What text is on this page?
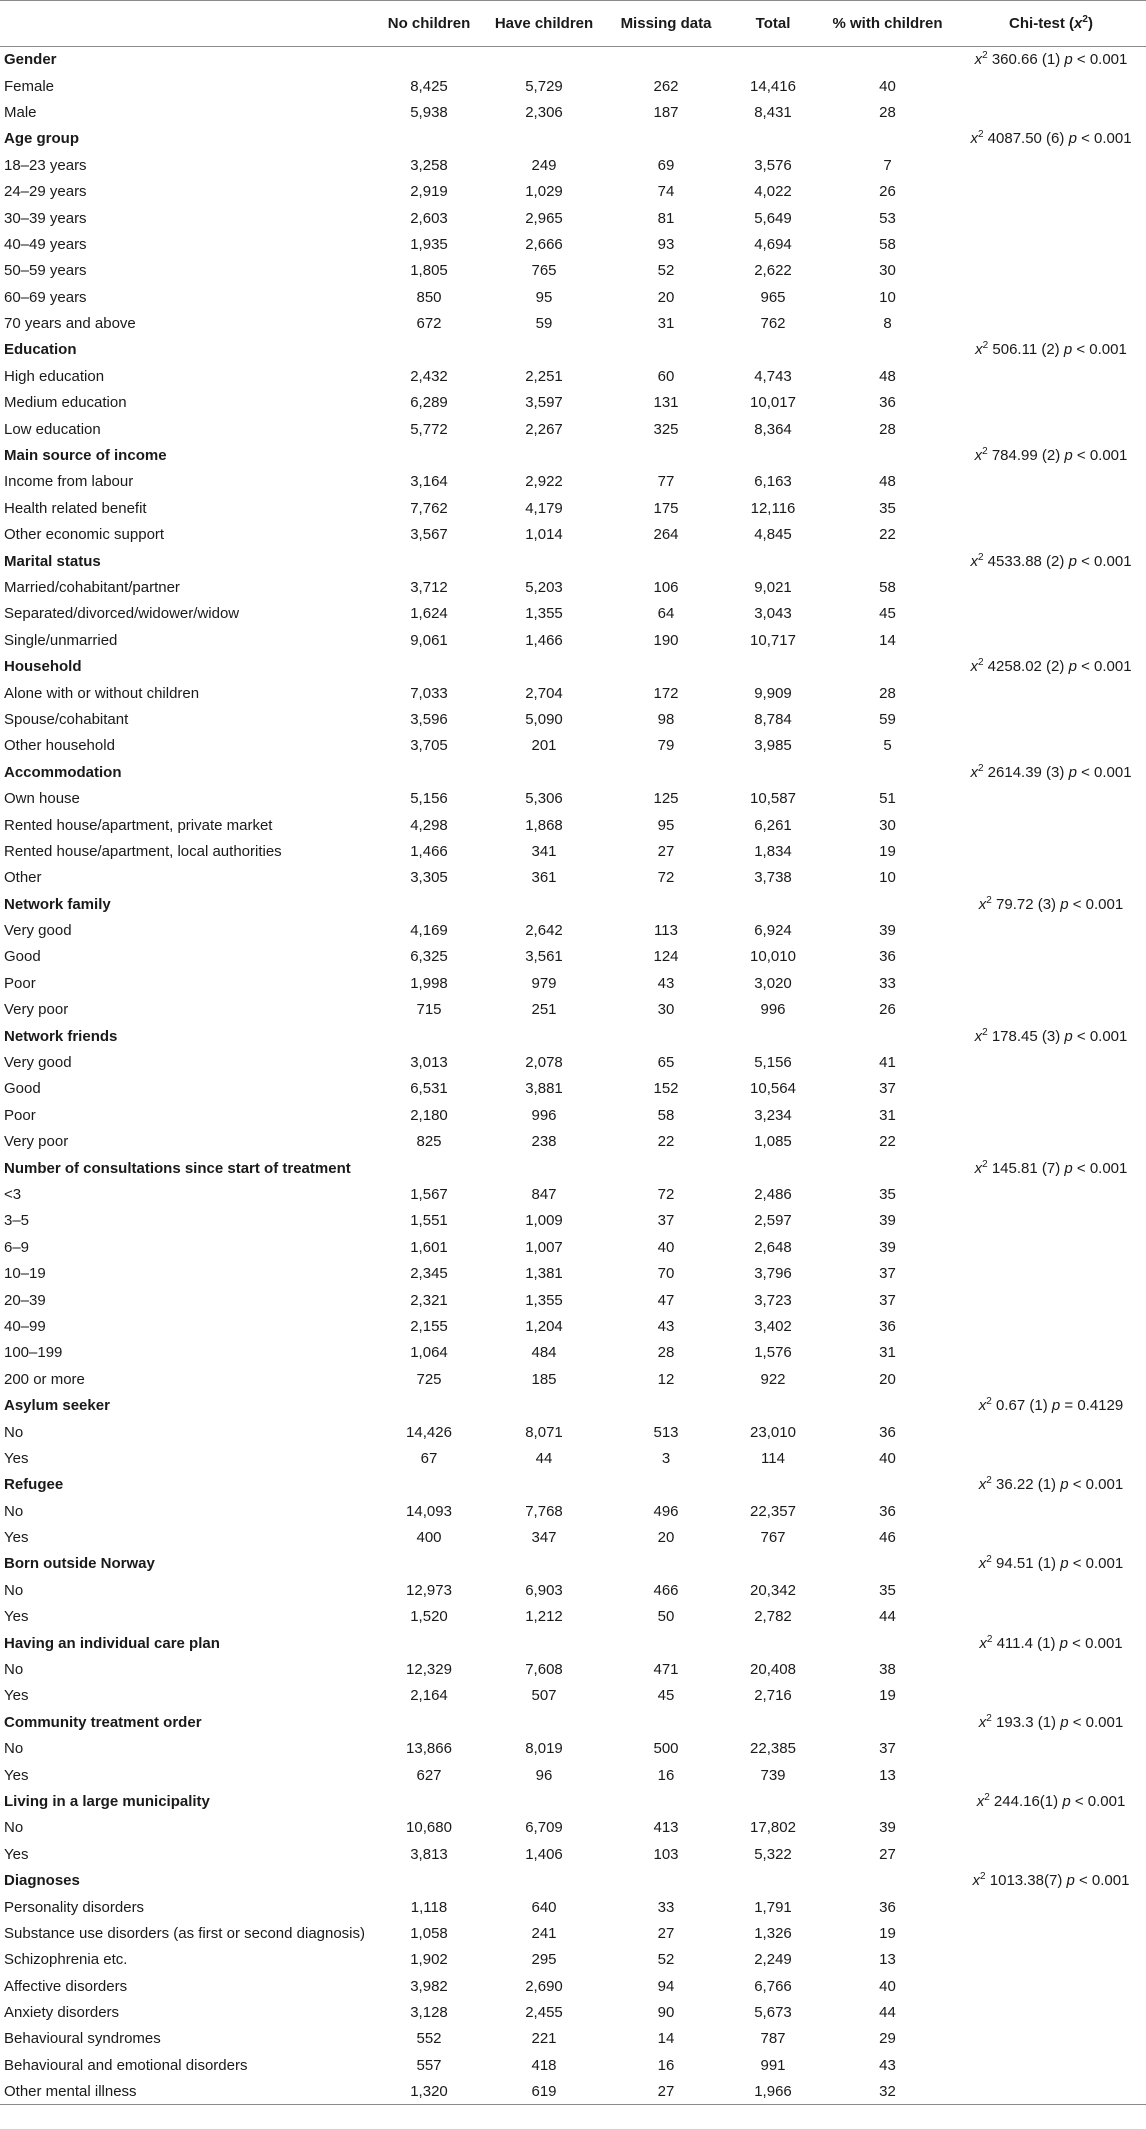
	No children	Have children	Missing data	Total	% with children	Chi-test $(x^2)$
Gender						$x^2$ 360.66 (1) p < 0.001
Female	8,425	5,729	262	14,416	40	
Male	5,938	2,306	187	8,431	28	
Age group						$x^2$ 4087.50 (6) p < 0.001
18–23 years	3,258	249	69	3,576	7	
24–29 years	2,919	1,029	74	4,022	26	
30–39 years	2,603	2,965	81	5,649	53	
40–49 years	1,935	2,666	93	4,694	58	
50–59 years	1,805	765	52	2,622	30	
60–69 years	850	95	20	965	10	
70 years and above	672	59	31	762	8	
Education						$x^2$ 506.11 (2) p < 0.001
High education	2,432	2,251	60	4,743	48	
Medium education	6,289	3,597	131	10,017	36	
Low education	5,772	2,267	325	8,364	28	
Main source of income						$x^2$ 784.99 (2) p < 0.001
Income from labour	3,164	2,922	77	6,163	48	
Health related benefit	7,762	4,179	175	12,116	35	
Other economic support	3,567	1,014	264	4,845	22	
Marital status						$x^2$ 4533.88 (2) p < 0.001
Married/cohabitant/partner	3,712	5,203	106	9,021	58	
Separated/divorced/widower/widow	1,624	1,355	64	3,043	45	
Single/unmarried	9,061	1,466	190	10,717	14	
Household						$x^2$ 4258.02 (2) p < 0.001
Alone with or without children	7,033	2,704	172	9,909	28	
Spouse/cohabitant	3,596	5,090	98	8,784	59	
Other household	3,705	201	79	3,985	5	
Accommodation						$x^2$ 2614.39 (3) p < 0.001
Own house	5,156	5,306	125	10,587	51	
Rented house/apartment, private market	4,298	1,868	95	6,261	30	
Rented house/apartment, local authorities	1,466	341	27	1,834	19	
Other	3,305	361	72	3,738	10	
Network family						$x^2$ 79.72 (3) p < 0.001
Very good	4,169	2,642	113	6,924	39	
Good	6,325	3,561	124	10,010	36	
Poor	1,998	979	43	3,020	33	
Very poor	715	251	30	996	26	
Network friends						$x^2$ 178.45 (3) p < 0.001
Very good	3,013	2,078	65	5,156	41	
Good	6,531	3,881	152	10,564	37	
Poor	2,180	996	58	3,234	31	
Very poor	825	238	22	1,085	22	
Number of consultations since start of treatment						$x^2$ 145.81 (7) p < 0.001
<3	1,567	847	72	2,486	35	
3–5	1,551	1,009	37	2,597	39	
6–9	1,601	1,007	40	2,648	39	
10–19	2,345	1,381	70	3,796	37	
20–39	2,321	1,355	47	3,723	37	
40–99	2,155	1,204	43	3,402	36	
100–199	1,064	484	28	1,576	31	
200 or more	725	185	12	922	20	
Asylum seeker						$x^2$ 0.67 (1) p = 0.4129
No	14,426	8,071	513	23,010	36	
Yes	67	44	3	114	40	
Refugee						$x^2$ 36.22 (1) p < 0.001
No	14,093	7,768	496	22,357	36	
Yes	400	347	20	767	46	
Born outside Norway						$x^2$ 94.51 (1) p < 0.001
No	12,973	6,903	466	20,342	35	
Yes	1,520	1,212	50	2,782	44	
Having an individual care plan						$x^2$ 411.4 (1) p < 0.001
No	12,329	7,608	471	20,408	38	
Yes	2,164	507	45	2,716	19	
Community treatment order						$x^2$ 193.3 (1) p < 0.001
No	13,866	8,019	500	22,385	37	
Yes	627	96	16	739	13	
Living in a large municipality						$x^2$ 244.16(1) p < 0.001
No	10,680	6,709	413	17,802	39	
Yes	3,813	1,406	103	5,322	27	
Diagnoses						$x^2$ 1013.38(7) p < 0.001
Personality disorders	1,118	640	33	1,791	36	
Substance use disorders (as first or second diagnosis)	1,058	241	27	1,326	19	
Schizophrenia etc.	1,902	295	52	2,249	13	
Affective disorders	3,982	2,690	94	6,766	40	
Anxiety disorders	3,128	2,455	90	5,673	44	
Behavioural syndromes	552	221	14	787	29	
Behavioural and emotional disorders	557	418	16	991	43	
Other mental illness	1,320	619	27	1,966	32	
